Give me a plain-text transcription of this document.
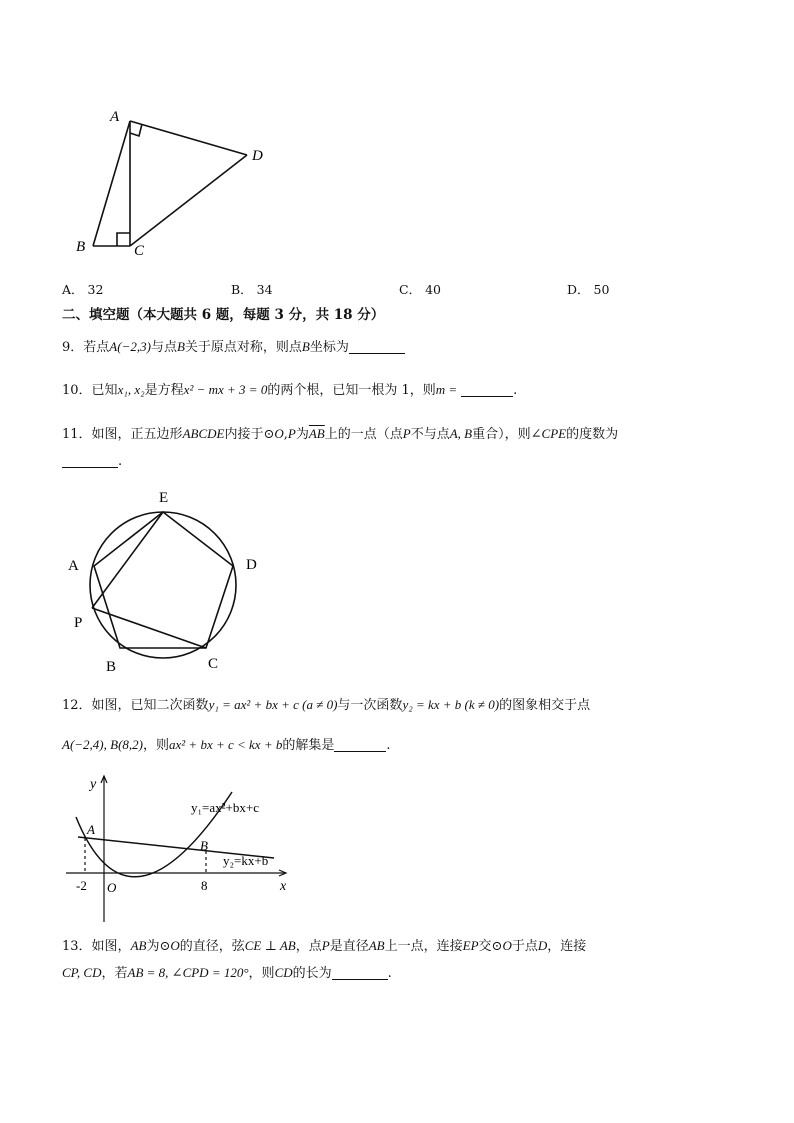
A
B	C
D
A． 32	B． 34	C． 40	D． 50
二、填空题（本大题共 6 题，每题 3 分，共 18 分）
9．若点A(−2,3)与点B关于原点对称，则点B坐标为
10．已知x₁, x₂是方程x² − mx + 3 = 0的两个根，已知一根为 1，则m =	.
11．如图，正五边形ABCDE内接于⊙O,P为$\overline{AB}$上的一点（点P不与点A, B重合），则∠CPE的度数为
.
E
A	D
P
B	C
12．如图，已知二次函数y₁ = ax² + bx + c (a ≠ 0)与一次函数y₂ = kx + b (k ≠ 0)的图象相交于点
A(−2,4), B(8,2)，则ax² + bx + c < kx + b的解集是	.
y
x
A
B
O
-2	8
y₁=ax²+bx+c
y₂=kx+b
13．如图，AB为⊙O的直径，弦CE ⊥ AB，点P是直径AB上一点，连接EP交⊙O于点D，连接
CP, CD，若AB = 8, ∠CPD = 120°，则CD的长为	.
